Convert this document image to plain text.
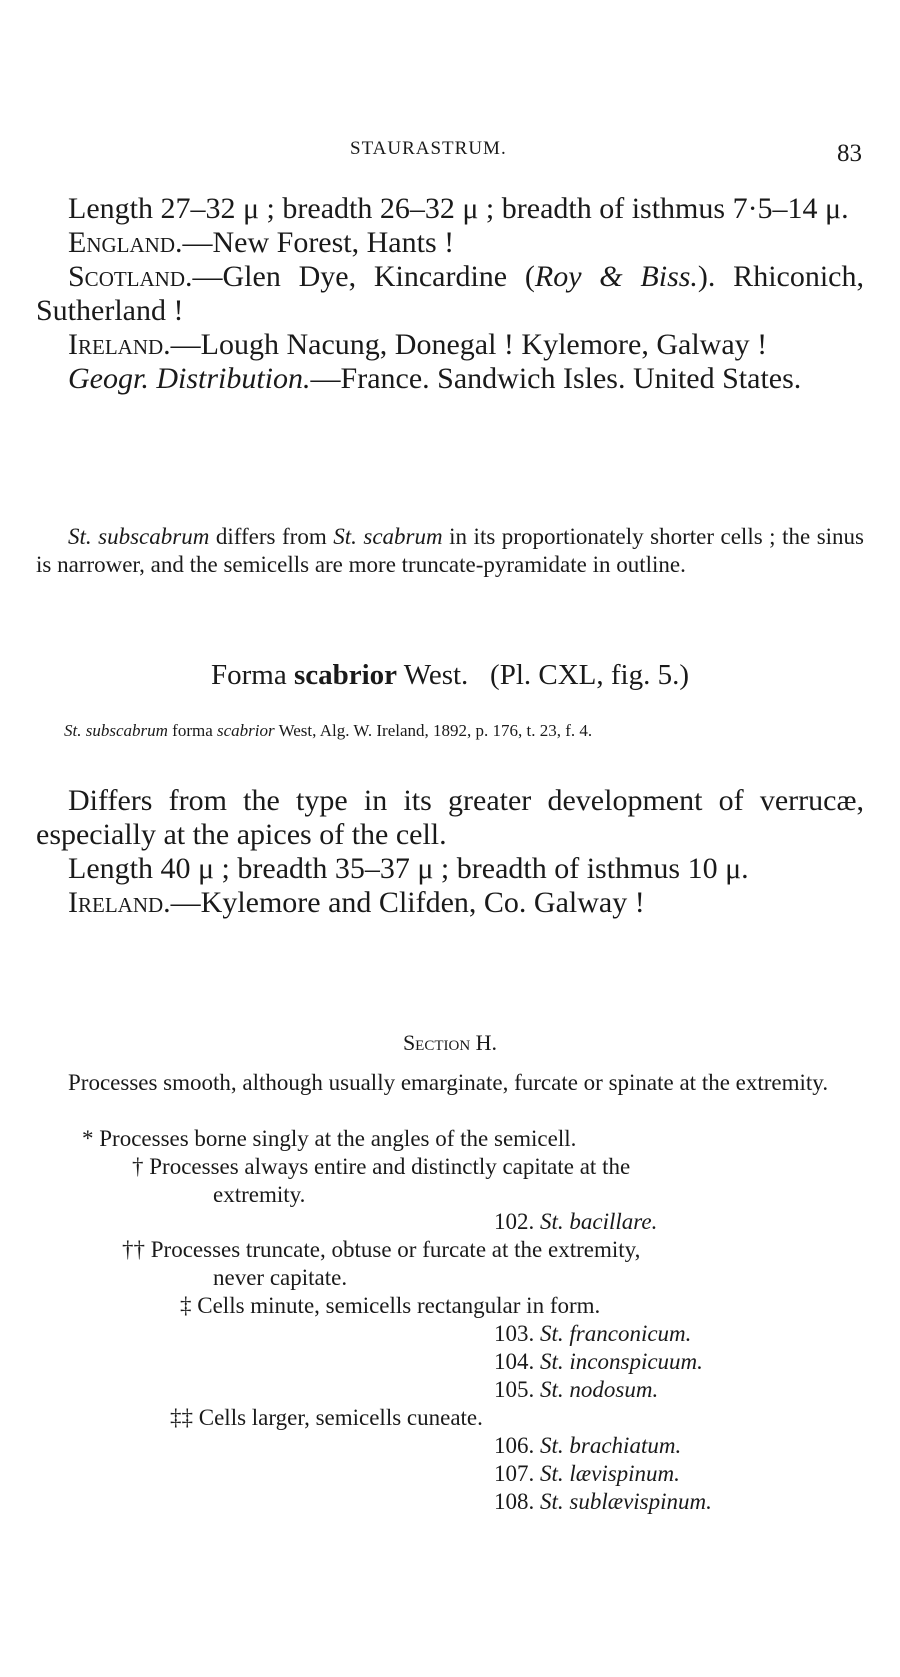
STAURASTRUM.	83

Length 27–32 μ ; breadth 26–32 μ ; breadth of isthmus 7·5–14 μ.

England.—New Forest, Hants !

Scotland.—Glen Dye, Kincardine (Roy & Biss.). Rhiconich, Sutherland !

Ireland.—Lough Nacung, Donegal ! Kylemore, Galway !

Geogr. Distribution.—France. Sandwich Isles. United States.

St. subscabrum differs from St. scabrum in its proportionately shorter cells ; the sinus is narrower, and the semicells are more truncate-pyramidate in outline.

Forma scabrior West. (Pl. CXL, fig. 5.)

St. subscabrum forma scabrior West, Alg. W. Ireland, 1892, p. 176, t. 23, f. 4.

Differs from the type in its greater development of verrucæ, especially at the apices of the cell.

Length 40 μ ; breadth 35–37 μ ; breadth of isthmus 10 μ.

Ireland.—Kylemore and Clifden, Co. Galway !

Section H.

Processes smooth, although usually emarginate, furcate or spinate at the extremity.

* Processes borne singly at the angles of the semicell.
† Processes always entire and distinctly capitate at the
extremity.
102. St. bacillare.
†† Processes truncate, obtuse or furcate at the extremity,
never capitate.
‡ Cells minute, semicells rectangular in form.
103. St. franconicum.
104. St. inconspicuum.
105. St. nodosum.
‡‡ Cells larger, semicells cuneate.
106. St. brachiatum.
107. St. lævispinum.
108. St. sublævispinum.
